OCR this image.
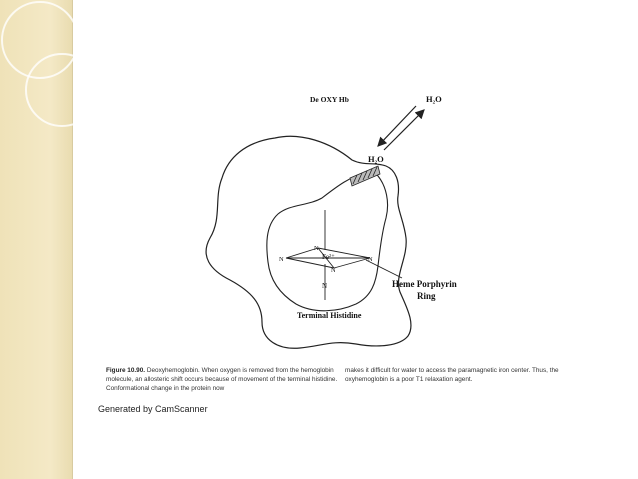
De OXY Hb	H₂O
H₂O
N
N
N
N
Fe²⁺
N	Heme Porphyrin
Ring
Terminal Histidine
Figure 10.90. Deoxyhemoglobin. When oxygen is removed from the hemoglobin molecule, an allosteric shift occurs because of movement of the terminal histidine. Conformational change in the protein now
makes it difficult for water to access the paramagnetic iron center. Thus, the oxyhemoglobin is a poor T1 relaxation agent.
Generated by CamScanner
